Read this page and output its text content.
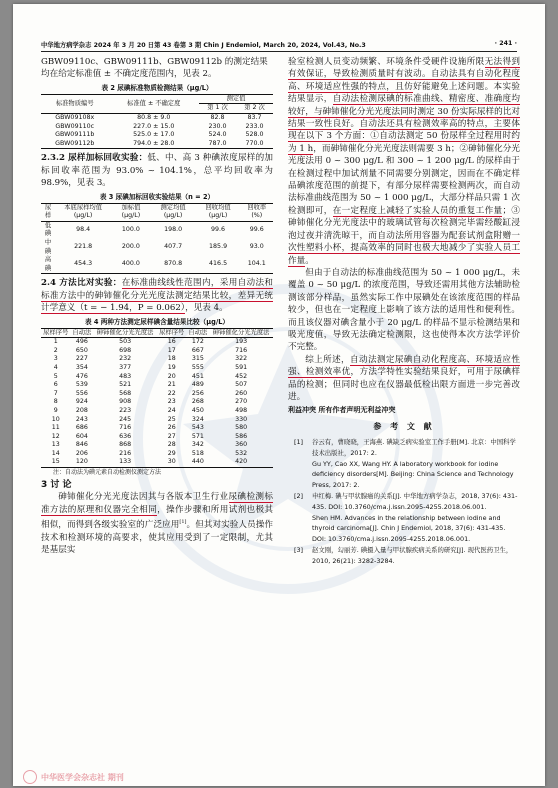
中华地方病学杂志 2024 年 3 月 20 日第 43 卷第 3 期 Chin J Endemiol, March 20, 2024, Vol.43, No.3	· 241 ·

GBW09110c、GBW09111b、GBW09112b 的测定结果

均在给定标准值 ± 不确定度范围内，见表 2。

表 2 尿碘标准物质检测结果（μg/L）
标准物质编号	标准值 ± 不确定度	测定值	
		第 1 次	第 2 次
GBW09108x	80.8 ± 9.0	82.8	83.7
GBW09110c	227.0 ± 15.0	230.0	233.0
GBW09111b	525.0 ± 17.0	524.0	528.0
GBW09112b	794.0 ± 28.0	787.0	770.0

2.3.2 尿样加标回收实验：低、中、高 3 种碘浓度尿样的加标回收率范围为 93.0% ~ 104.1%，总平均回收率为 98.9%，见表 3。

表 3 尿碘加标回收实验结果（n = 2）
尿样	本底尿样均值 (μg/L)	加标值 (μg/L)	测定均值 (μg/L)	回收均值 (μg/L)	回收率 (%)
低碘	98.4	100.0	198.0	99.6	99.6
中碘	221.8	200.0	407.7	185.9	93.0
高碘	454.3	400.0	870.8	416.5	104.1

2.4 方法比对实验：在标准曲线线性范围内，采用自动法和标准方法中的砷铈催化分光光度法测定结果比较，差异无统计学意义（t = − 1.94，P = 0.062），见表 4。

表 4 两种方法测定尿样碘含量结果比较（μg/L）
尿样序号	自动法	砷铈催化分光光度法	尿样序号	自动法	砷铈催化分光光度法
1	496	503	16	172	193
2	650	698	17	667	716
3	227	232	18	315	322
4	354	377	19	555	591
5	476	483	20	451	452
6	539	521	21	489	507
7	556	568	22	256	260
8	924	908	23	268	270
9	208	223	24	450	498
10	243	245	25	324	330
11	686	716	26	543	580
12	604	636	27	571	586
13	846	868	28	342	360
14	206	216	29	518	532
15	120	133	30	440	420
注：自动法为碘元素自动检测仪测定方法
3 讨 论

砷铈催化分光光度法因其与各版本卫生行业尿碘检测标准方法的原理和仪器完全相同，操作步骤和所用试剂也极其相似，而得到各级实验室的广泛应用[1]。但其对实验人员操作技术和检测环境的高要求，使其应用受到了一定限制，尤其是基层实

验室检测人员变动频繁、环境条件受硬件设施所限无法得到有效保证，导致检测质量时有波动。自动法具有自动化程度高、环境适应性强的特点，且仿好能避免上述问题。本实验结果显示，自动法检测尿碘的标准曲线、精密度、准确度均较好，与砷铈催化分光光度法同时测定 30 份实际尿样的比对结果一致性良好。自动法还具有检测效率高的特点，主要体现在以下 3 个方面：①自动法测定 50 份尿样全过程用时约为 1 h，而砷铈催化分光光度法则需要 3 h；②砷铈催化分光光度法用 0 ~ 300 μg/L 和 300 ~ 1 200 μg/L 的尿样由于在检测过程中加试剂量不同需要分别测定，因而在不确定样品碘浓度范围的前提下，有部分尿样需要检测两次，而自动法标准曲线范围为 50 ~ 1 000 μg/L，大部分样品只需 1 次检测即可，在一定程度上减轻了实验人员的重复工作量；③砷铈催化分光光度法中的玻璃试管每次检测完毕需经酸缸浸泡过夜并清洗晾干，而自动法所用容器为配套试剂盒附赠一次性塑料小杯，提高效率的同时也极大地减少了实验人员工作量。

但由于自动法的标准曲线范围为 50 ~ 1 000 μg/L，未覆盖 0 ~ 50 μg/L 的浓度范围，导致还需用其他方法辅助检测该部分样品，虽然实际工作中尿碘处在该浓度范围的样品较少，但也在一定程度上影响了该方法的适用性和便利性。而且该仪器对碘含量小于 20 μg/L 的样品不显示检测结果和吸光度值，导致无法确定检测限，这也使得本次方法学评价不完整。

综上所述，自动法测定尿碘自动化程度高、环境适应性强、检测效率优，方法学特性实验结果良好，可用于尿碘样品的检测；但同时也应在仪器最低检出限方面进一步完善改进。

利益冲突 所有作者声明无利益冲突
参 考 文 献
[1]	谷云有，曹晓晓，王海燕. 碘缺乏病实验室工作手册[M]. 北京：中国科学技术出版社，2017: 2.
Gu YY, Cao XX, Wang HY. A laboratory workbook for iodine deficiency disorders[M]. Beijing: China Science and Technology Press, 2017: 2.
[2]	申红梅. 碘与甲状腺癌的关系[J]. 中华地方病学杂志，2018, 37(6): 431-435. DOI: 10.3760/cma.j.issn.2095-4255.2018.06.001.
Shen HM. Advances in the relationship between iodine and thyroid carcinoma[J]. Chin J Endemiol, 2018, 37(6): 431-435. DOI: 10.3760/cma.j.issn.2095-4255.2018.06.001.
[3]	赵文刚，勾丽芳. 碘摄入量与甲状腺疾病关系的研究[J]. 现代医药卫生，2010, 26(21): 3282-3284.
中华医学会杂志社 期刊
